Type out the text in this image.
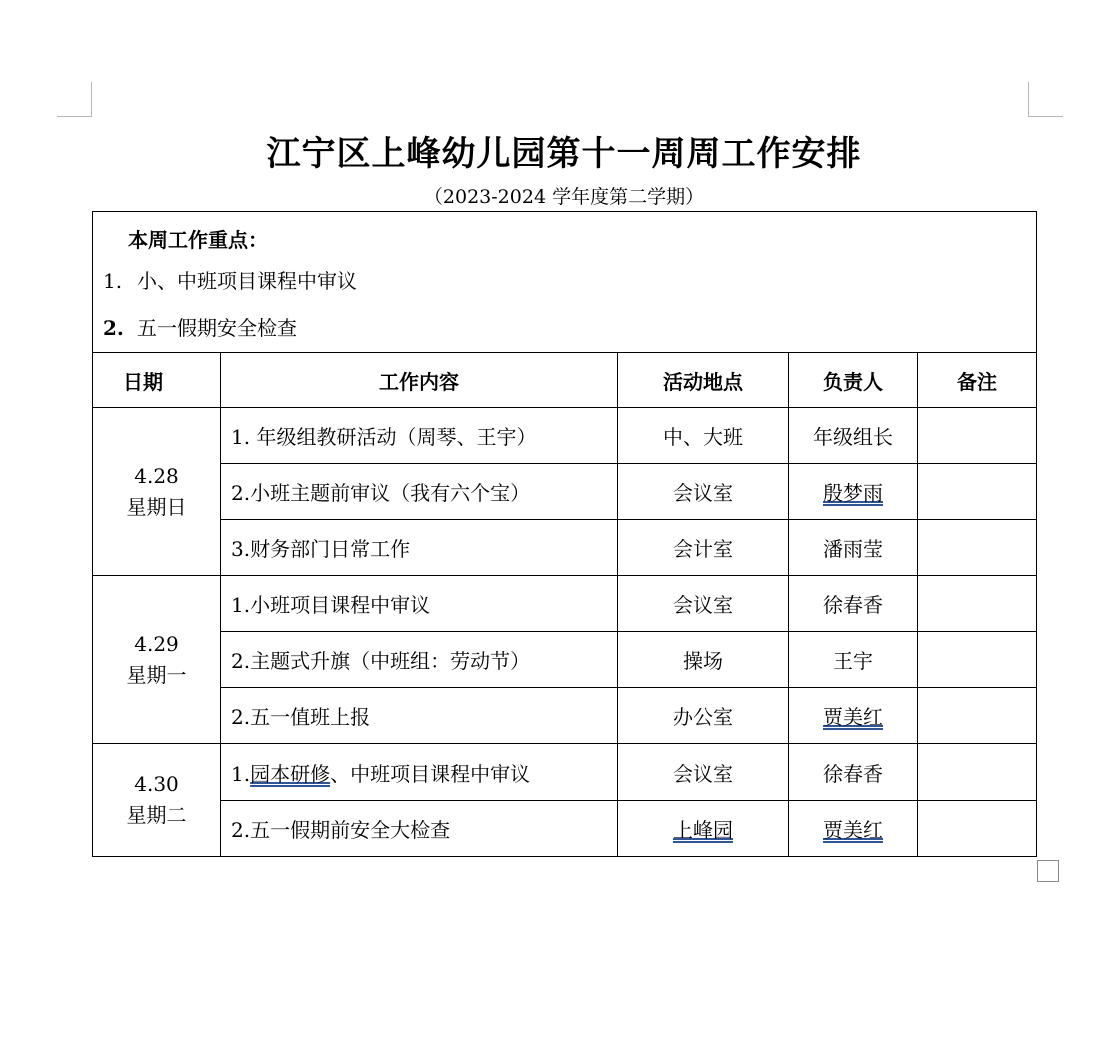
江宁区上峰幼儿园第十一周周工作安排
（2023-2024 学年度第二学期）
本周工作重点：
1. 小、中班项目课程中审议
2. 五一假期安全检查				

日期	工作内容	活动地点	负责人	备注

4.28
星期日	1. 年级组教研活动（周琴、王宇）	中、大班	年级组长	
	2.小班主题前审议（我有六个宝）	会议室	殷梦雨	
	3.财务部门日常工作	会计室	潘雨莹	

4.29
星期一	1.小班项目课程中审议	会议室	徐春香	
	2.主题式升旗（中班组：劳动节）	操场	王宇	
	2.五一值班上报	办公室	贾美红	

4.30
星期二	1.园本研修、中班项目课程中审议	会议室	徐春香	
	2.五一假期前安全大检查	上峰园	贾美红	
